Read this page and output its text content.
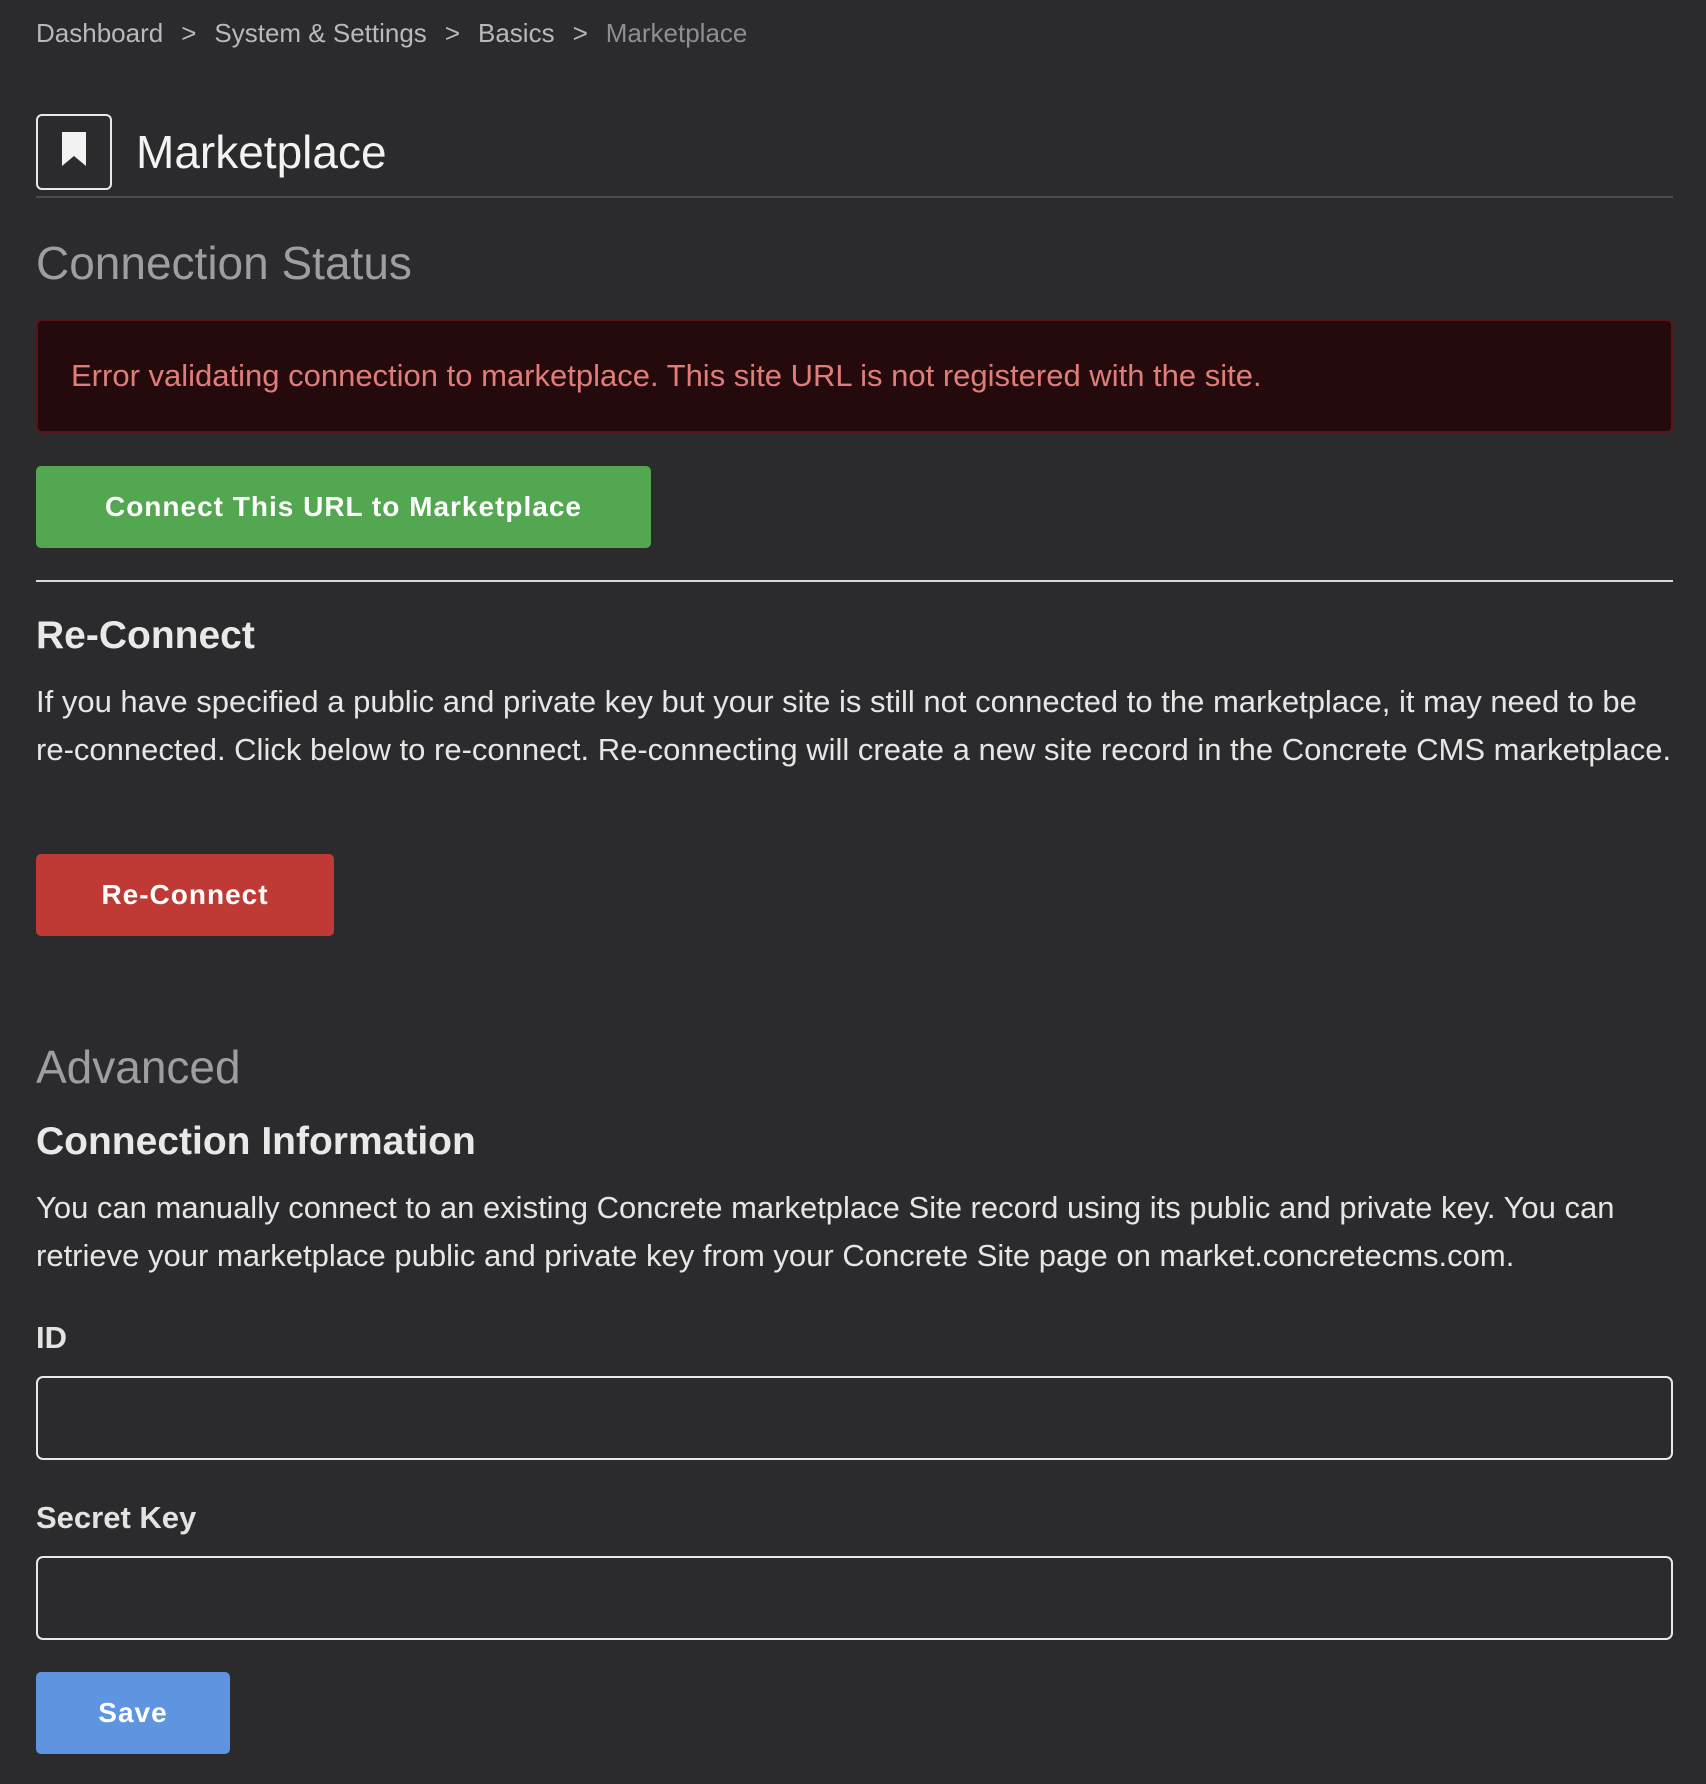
Dashboard > System & Settings > Basics > Marketplace
Marketplace
Connection Status
Error validating connection to marketplace. This site URL is not registered with the site.
Connect This URL to Marketplace
Re-Connect

If you have specified a public and private key but your site is still not connected to the marketplace, it may need to be re-connected. Click below to re-connect. Re-connecting will create a new site record in the Concrete CMS marketplace.

Re-Connect
Advanced
Connection Information

You can manually connect to an existing Concrete marketplace Site record using its public and private key. You can retrieve your marketplace public and private key from your Concrete Site page on market.concretecms.com.

ID
Secret Key
Save
